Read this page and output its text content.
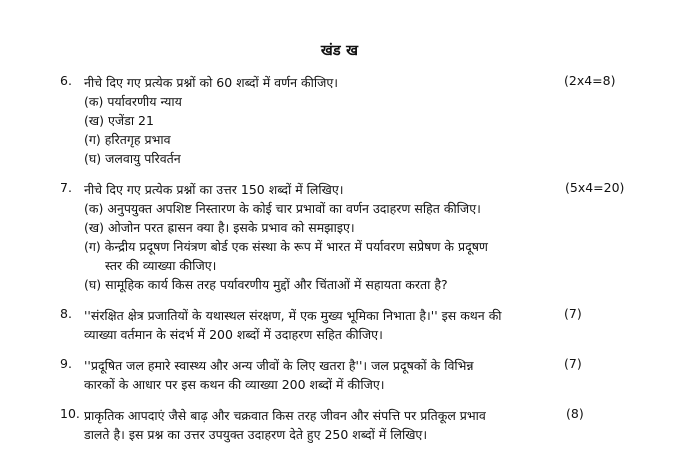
खंड ख
6. नीचे दिए गए प्रत्येक प्रश्नों को 60 शब्दों में वर्णन कीजिए।	(2x4=8)
(क) पर्यावरणीय न्याय
(ख) एजेंडा 21
(ग) हरितगृह प्रभाव
(घ) जलवायु परिवर्तन
7. नीचे दिए गए प्रत्येक प्रश्नों का उत्तर 150 शब्दों में लिखिए।	(5x4=20)
(क) अनुपयुक्त अपशिष्ट निस्तारण के कोई चार प्रभावों का वर्णन उदाहरण सहित कीजिए।
(ख) ओजोन परत ह्रासन क्या है। इसके प्रभाव को समझाइए।
(ग) केन्द्रीय प्रदूषण नियंत्रण बोर्ड एक संस्था के रूप में भारत में पर्यावरण सप्रेषण के प्रदूषण
स्तर की व्याख्या कीजिए।
(घ) सामूहिक कार्य किस तरह पर्यावरणीय मुद्दों और चिंताओं में सहायता करता है?
8. ''संरक्षित क्षेत्र प्रजातियों के यथास्थल संरक्षण, में एक मुख्य भूमिका निभाता है।'' इस कथन की	(7)
व्याख्या वर्तमान के संदर्भ में 200 शब्दों में उदाहरण सहित कीजिए।
9. ''प्रदूषित जल हमारे स्वास्थ्य और अन्य जीवों के लिए खतरा है''। जल प्रदूषकों के विभिन्न	(7)
कारकों के आधार पर इस कथन की व्याख्या 200 शब्दों में कीजिए।
10. प्राकृतिक आपदाएं जैसे बाढ़ और चक्रवात किस तरह जीवन और संपत्ति पर प्रतिकूल प्रभाव	(8)
डालते है। इस प्रश्न का उत्तर उपयुक्त उदाहरण देते हुए 250 शब्दों में लिखिए।
